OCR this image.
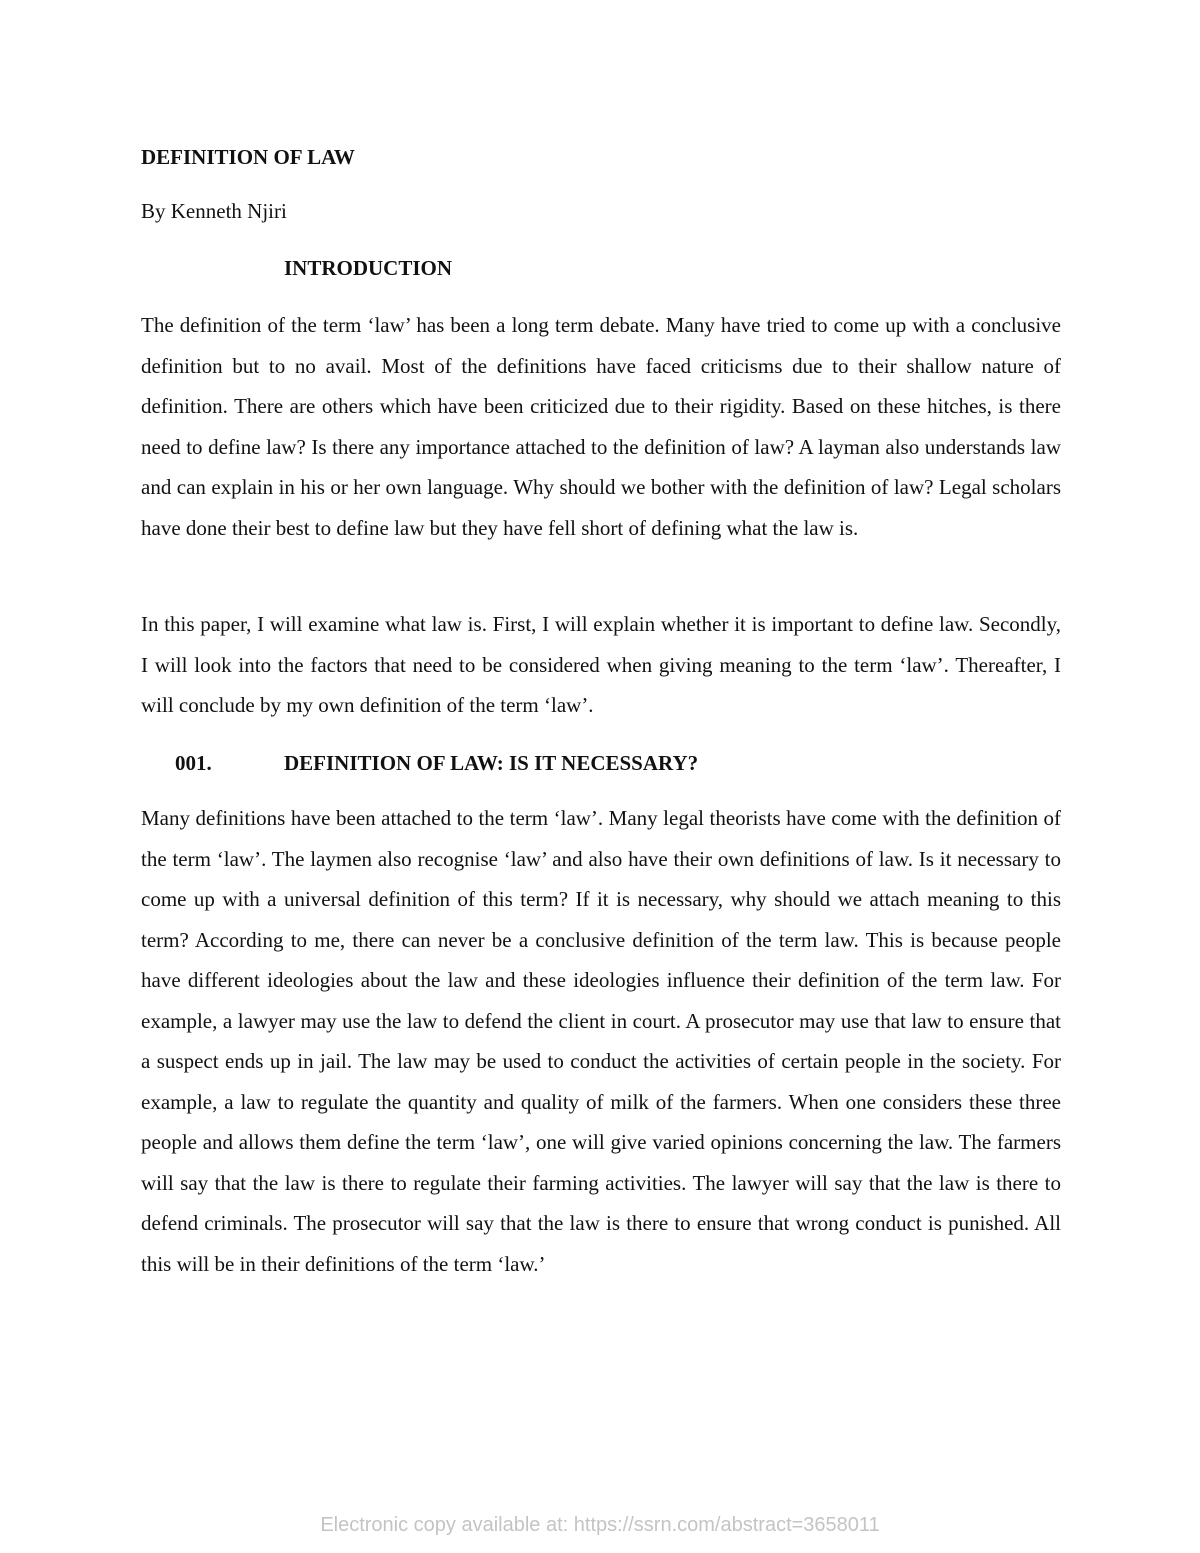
DEFINITION OF LAW

By Kenneth Njiri

INTRODUCTION

The definition of the term ‘law’ has been a long term debate. Many have tried to come up with a conclusive definition but to no avail. Most of the definitions have faced criticisms due to their shallow nature of definition. There are others which have been criticized due to their rigidity. Based on these hitches, is there need to define law? Is there any importance attached to the definition of law? A layman also understands law and can explain in his or her own language. Why should we bother with the definition of law? Legal scholars have done their best to define law but they have fell short of defining what the law is.

In this paper, I will examine what law is. First, I will explain whether it is important to define law. Secondly, I will look into the factors that need to be considered when giving meaning to the term ‘law’. Thereafter, I will conclude by my own definition of the term ‘law’.

001.	DEFINITION OF LAW: IS IT NECESSARY?

Many definitions have been attached to the term ‘law’. Many legal theorists have come with the definition of the term ‘law’. The laymen also recognise ‘law’ and also have their own definitions of law. Is it necessary to come up with a universal definition of this term? If it is necessary, why should we attach meaning to this term? According to me, there can never be a conclusive definition of the term law. This is because people have different ideologies about the law and these ideologies influence their definition of the term law. For example, a lawyer may use the law to defend the client in court. A prosecutor may use that law to ensure that a suspect ends up in jail. The law may be used to conduct the activities of certain people in the society. For example, a law to regulate the quantity and quality of milk of the farmers. When one considers these three people and allows them define the term ‘law’, one will give varied opinions concerning the law. The farmers will say that the law is there to regulate their farming activities. The lawyer will say that the law is there to defend criminals. The prosecutor will say that the law is there to ensure that wrong conduct is punished. All this will be in their definitions of the term ‘law.’

Electronic copy available at: https://ssrn.com/abstract=3658011
